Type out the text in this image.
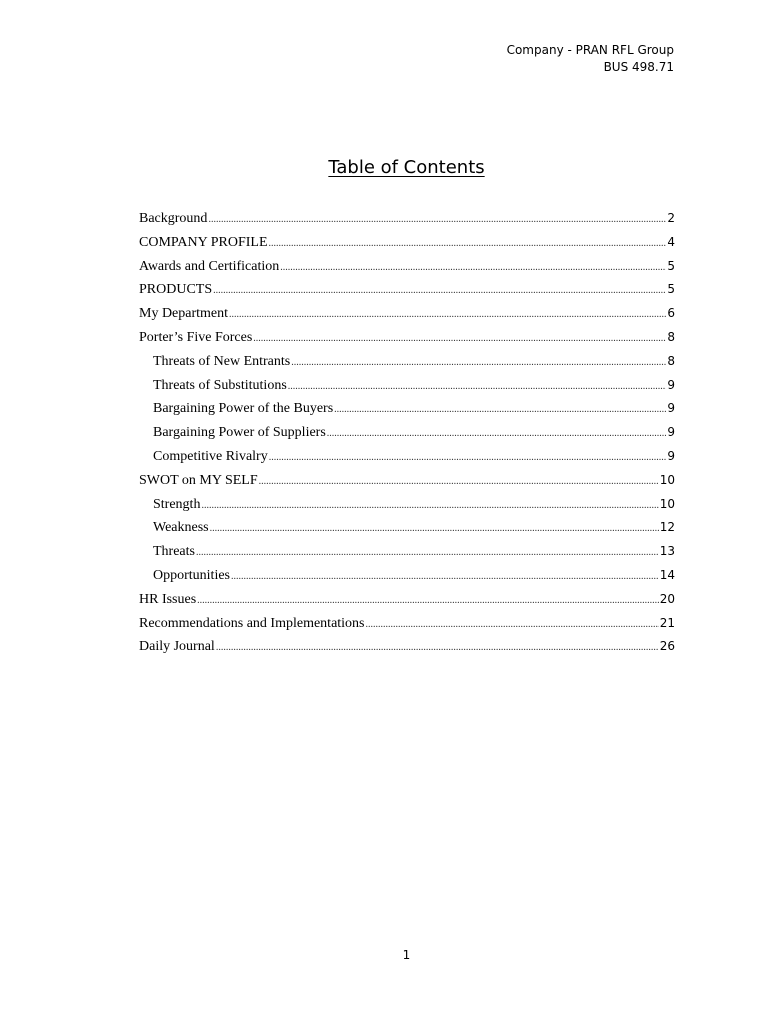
Company - PRAN RFL Group
BUS 498.71
Table of Contents
Background .....	2
COMPANY PROFILE .....	4
Awards and Certification .....	5
PRODUCTS .....	5
My Department .....	6
Porter’s Five Forces .....	8
Threats of New Entrants .....	8
Threats of Substitutions .....	9
Bargaining Power of the Buyers .....	9
Bargaining Power of Suppliers .....	9
Competitive Rivalry .....	9
SWOT on MY SELF .....	10
Strength .....	10
Weakness .....	12
Threats .....	13
Opportunities .....	14
HR Issues .....	20
Recommendations and Implementations .....	21
Daily Journal .....	26
1
